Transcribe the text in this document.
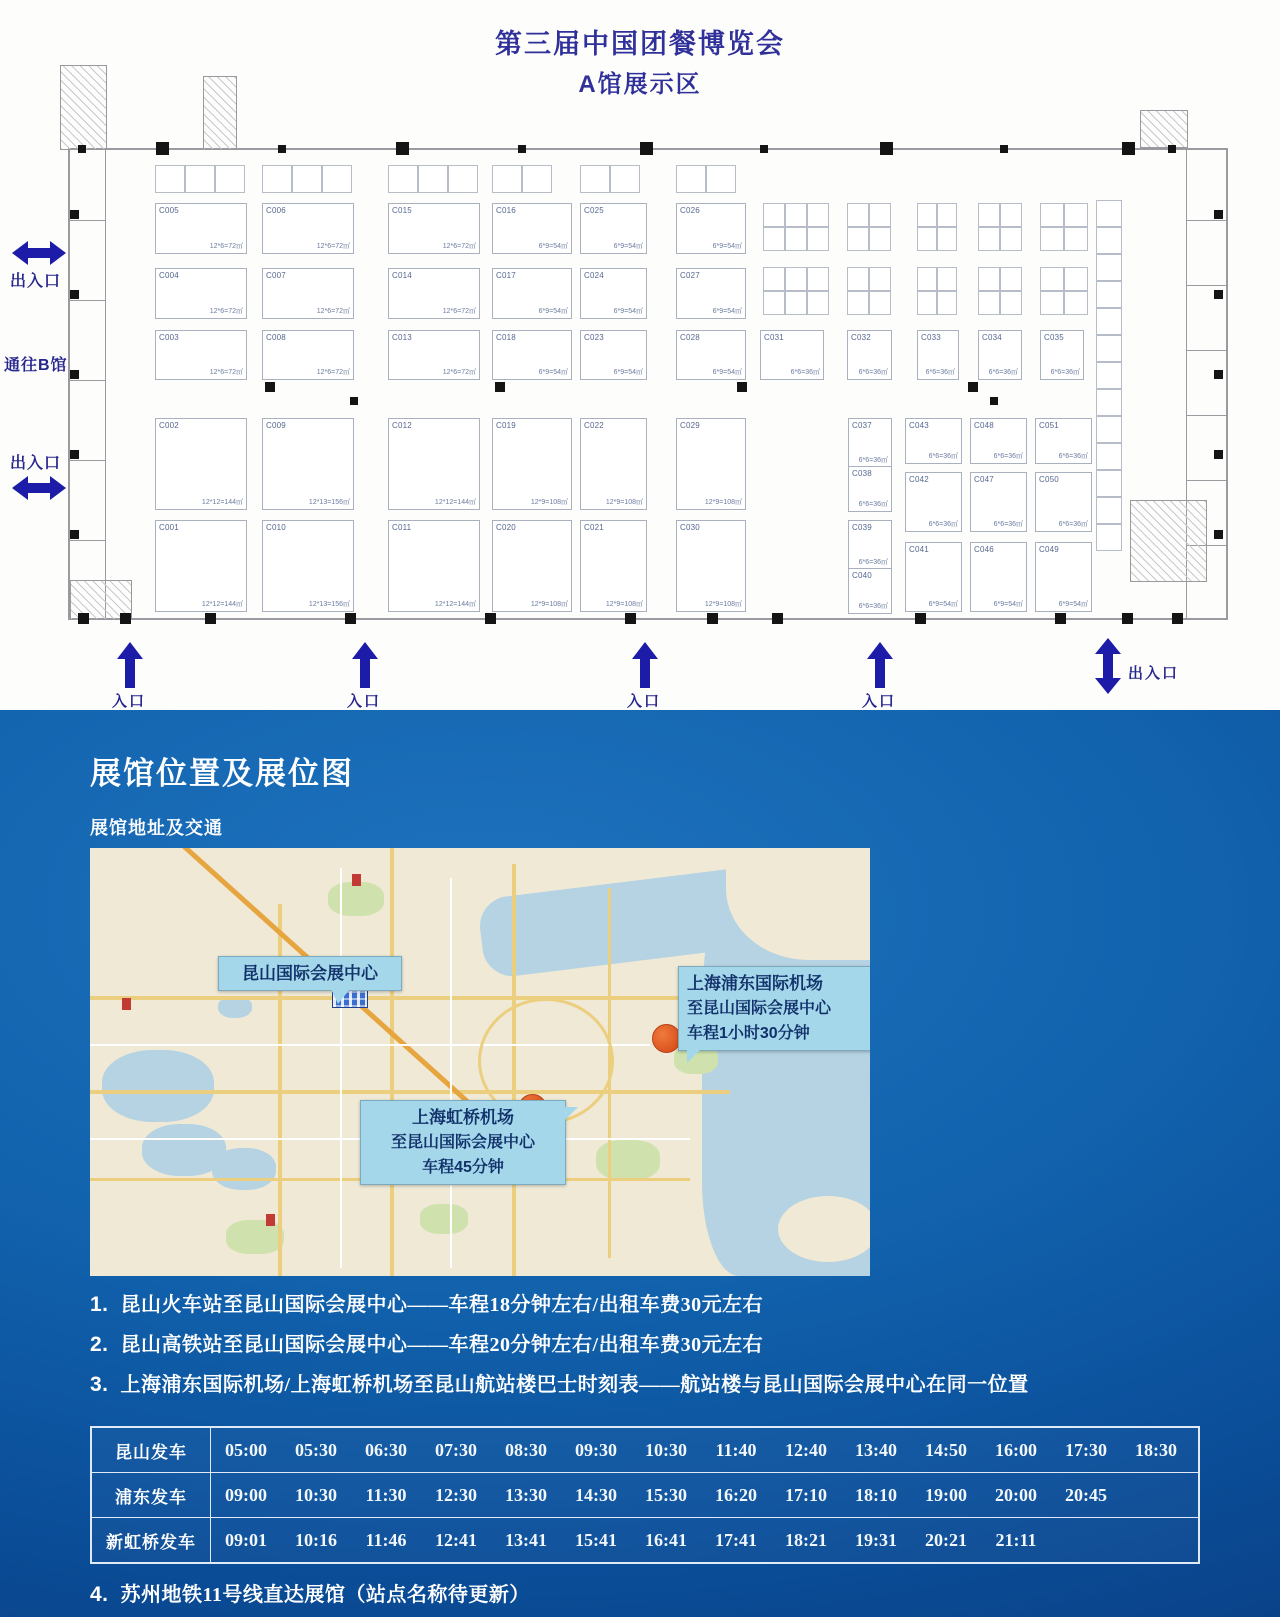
第三届中国团餐博览会
A馆展示区
C005
12*6=72㎡
C004
12*6=72㎡
C003
12*6=72㎡
C002
12*12=144㎡
C001
12*12=144㎡
C006
12*6=72㎡
C007
12*6=72㎡
C008
12*6=72㎡
C009
12*13=156㎡
C010
12*13=156㎡
C015
12*6=72㎡
C014
12*6=72㎡
C013
12*6=72㎡
C012
12*12=144㎡
C011
12*12=144㎡
C016
6*9=54㎡
C017
6*9=54㎡
C018
6*9=54㎡
C019
12*9=108㎡
C020
12*9=108㎡
C025
6*9=54㎡
C024
6*9=54㎡
C023
6*9=54㎡
C022
12*9=108㎡
C021
12*9=108㎡
C026
6*9=54㎡
C027
6*9=54㎡
C028
6*9=54㎡
C029
12*9=108㎡
C030
12*9=108㎡
C031
6*6=36㎡
C032
6*6=36㎡
C033
6*6=36㎡
C034
6*6=36㎡
C035
6*6=36㎡
C037
6*6=36㎡
C038
6*6=36㎡
C039
6*6=36㎡
C040
6*6=36㎡
C043
6*6=36㎡
C048
6*6=36㎡
C051
6*6=36㎡
C042
6*6=36㎡
C047
6*6=36㎡
C050
6*6=36㎡
C041
6*9=54㎡
C046
6*9=54㎡
C049
6*9=54㎡
出入口
通往B馆
出入口
入口	入口	入口	入口
出入口
展馆位置及展位图
展馆地址及交通
昆山国际会展中心
上海浦东国际机场
至昆山国际会展中心
车程1小时30分钟
上海虹桥机场
至昆山国际会展中心
车程45分钟
昆山发车	05:00	05:30	06:30	07:30	08:30	09:30	10:30	11:40	12:40	13:40	14:50	16:00	17:30	18:30
浦东发车	09:00	10:30	11:30	12:30	13:30	14:30	15:30	16:20	17:10	18:10	19:00	20:00	20:45
新虹桥发车	09:01	10:16	11:46	12:41	13:41	15:41	16:41	17:41	18:21	19:31	20:21	21:11
1. 昆山火车站至昆山国际会展中心——车程18分钟左右/出租车费30元左右
2. 昆山高铁站至昆山国际会展中心——车程20分钟左右/出租车费30元左右
3. 上海浦东国际机场/上海虹桥机场至昆山航站楼巴士时刻表——航站楼与昆山国际会展中心在同一位置
4. 苏州地铁11号线直达展馆（站点名称待更新）
